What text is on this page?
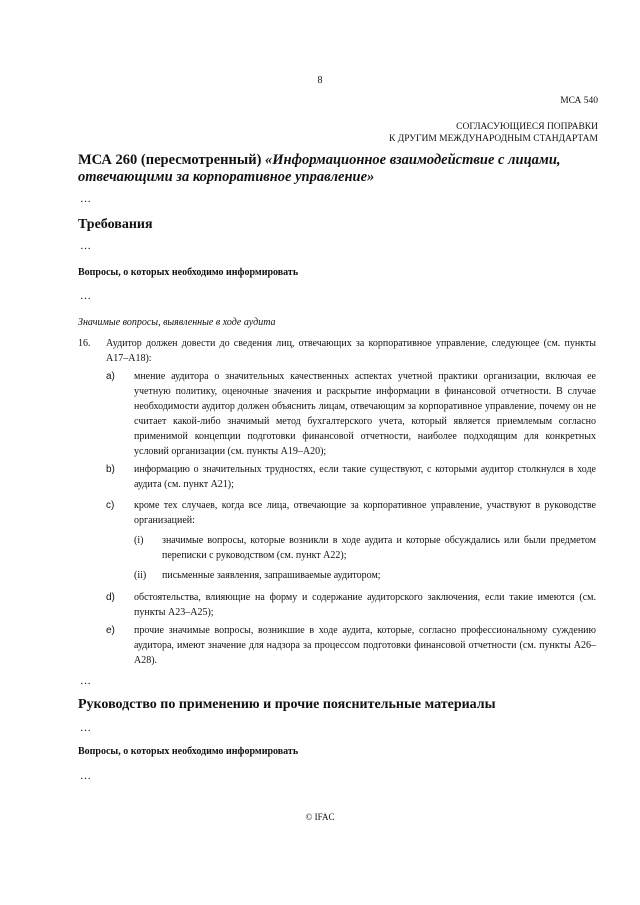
8
МСА 540
СОГЛАСУЮЩИЕСЯ ПОПРАВКИ
К ДРУГИМ МЕЖДУНАРОДНЫМ СТАНДАРТАМ
МСА 260 (пересмотренный) «Информационное взаимодействие с лицами, отвечающими за корпоративное управление»
…
Требования
…
Вопросы, о которых необходимо информировать
…
Значимые вопросы, выявленные в ходе аудита
16.	Аудитор должен довести до сведения лиц, отвечающих за корпоративное управление, следующее (см. пункты A17–A18):
a) мнение аудитора о значительных качественных аспектах учетной практики организации, включая ее учетную политику, оценочные значения и раскрытие информации в финансовой отчетности. В случае необходимости аудитор должен объяснить лицам, отвечающим за корпоративное управление, почему он не считает какой-либо значимый метод бухгалтерского учета, который является приемлемым согласно применимой концепции подготовки финансовой отчетности, наиболее подходящим для конкретных условий организации (см. пункты A19–A20);
b) информацию о значительных трудностях, если такие существуют, с которыми аудитор столкнулся в ходе аудита (см. пункт A21);
c) кроме тех случаев, когда все лица, отвечающие за корпоративное управление, участвуют в руководстве организацией:
(i) значимые вопросы, которые возникли в ходе аудита и которые обсуждались или были предметом переписки с руководством (см. пункт A22);
(ii) письменные заявления, запрашиваемые аудитором;
d) обстоятельства, влияющие на форму и содержание аудиторского заключения, если такие имеются (см. пункты A23–A25);
e) прочие значимые вопросы, возникшие в ходе аудита, которые, согласно профессиональному суждению аудитора, имеют значение для надзора за процессом подготовки финансовой отчетности (см. пункты A26–A28).
…
Руководство по применению и прочие пояснительные материалы
…
Вопросы, о которых необходимо информировать
…
© IFAC
